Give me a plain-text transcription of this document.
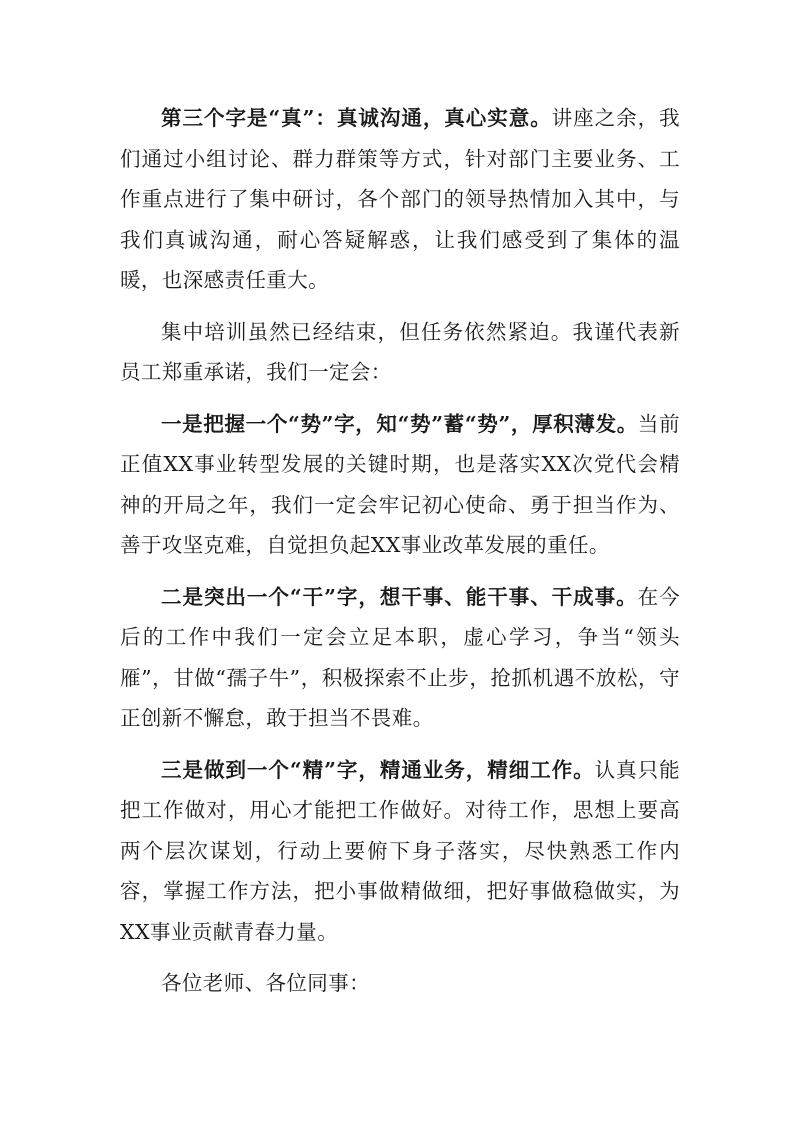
第三个字是“真”：真诚沟通，真心实意。讲座之余，我们通过小组讨论、群力群策等方式，针对部门主要业务、工作重点进行了集中研讨，各个部门的领导热情加入其中，与我们真诚沟通，耐心答疑解惑，让我们感受到了集体的温暖，也深感责任重大。

集中培训虽然已经结束，但任务依然紧迫。我谨代表新员工郑重承诺，我们一定会：

一是把握一个“势”字，知“势”蓄“势”，厚积薄发。当前正值XX事业转型发展的关键时期，也是落实XX次党代会精神的开局之年，我们一定会牢记初心使命、勇于担当作为、善于攻坚克难，自觉担负起XX事业改革发展的重任。

二是突出一个“干”字，想干事、能干事、干成事。在今后的工作中我们一定会立足本职，虚心学习，争当“领头雁”，甘做“孺子牛”，积极探索不止步，抢抓机遇不放松，守正创新不懈怠，敢于担当不畏难。

三是做到一个“精”字，精通业务，精细工作。认真只能把工作做对，用心才能把工作做好。对待工作，思想上要高两个层次谋划，行动上要俯下身子落实，尽快熟悉工作内容，掌握工作方法，把小事做精做细，把好事做稳做实，为XX事业贡献青春力量。

各位老师、各位同事：
